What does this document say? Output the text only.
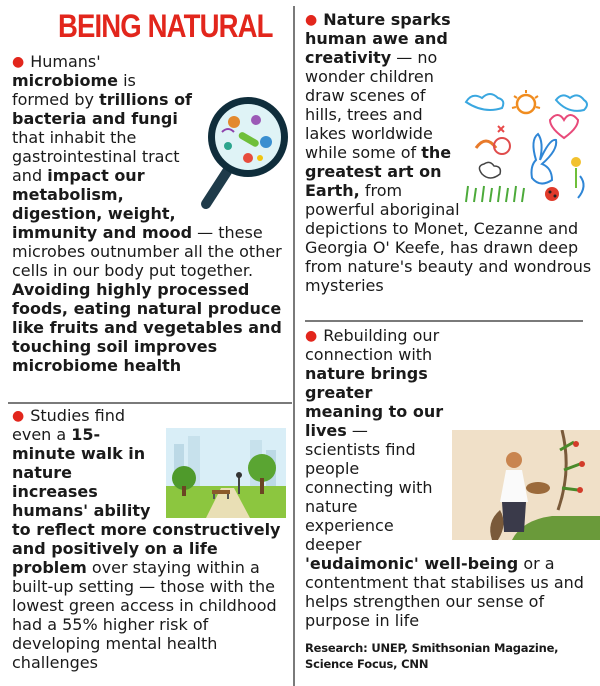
BEING NATURAL
● Humans' microbiome is formed by trillions of bacteria and fungi that inhabit the gastrointestinal tract and impact our metabolism, digestion, weight, immunity and mood — these microbes outnumber all the other cells in our body put together. Avoiding highly processed foods, eating natural produce like fruits and vegetables and touching soil improves microbiome health
● Studies find even a 15-minute walk in nature increases humans' ability to reflect more constructively and positively on a life problem over staying within a built-up setting — those with the lowest green access in childhood had a 55% higher risk of developing mental health challenges
● Nature sparks human awe and creativity — no wonder children draw scenes of hills, trees and lakes worldwide while some of the greatest art on Earth, from powerful aboriginal depictions to Monet, Cezanne and Georgia O' Keefe, has drawn deep from nature's beauty and wondrous mysteries
● Rebuilding our connection with nature brings greater meaning to our lives — scientists find people connecting with nature experience deeper 'eudaimonic' well-being or a contentment that stabilises us and helps strengthen our sense of purpose in life
Research: UNEP, Smithsonian Magazine,
Science Focus, CNN
